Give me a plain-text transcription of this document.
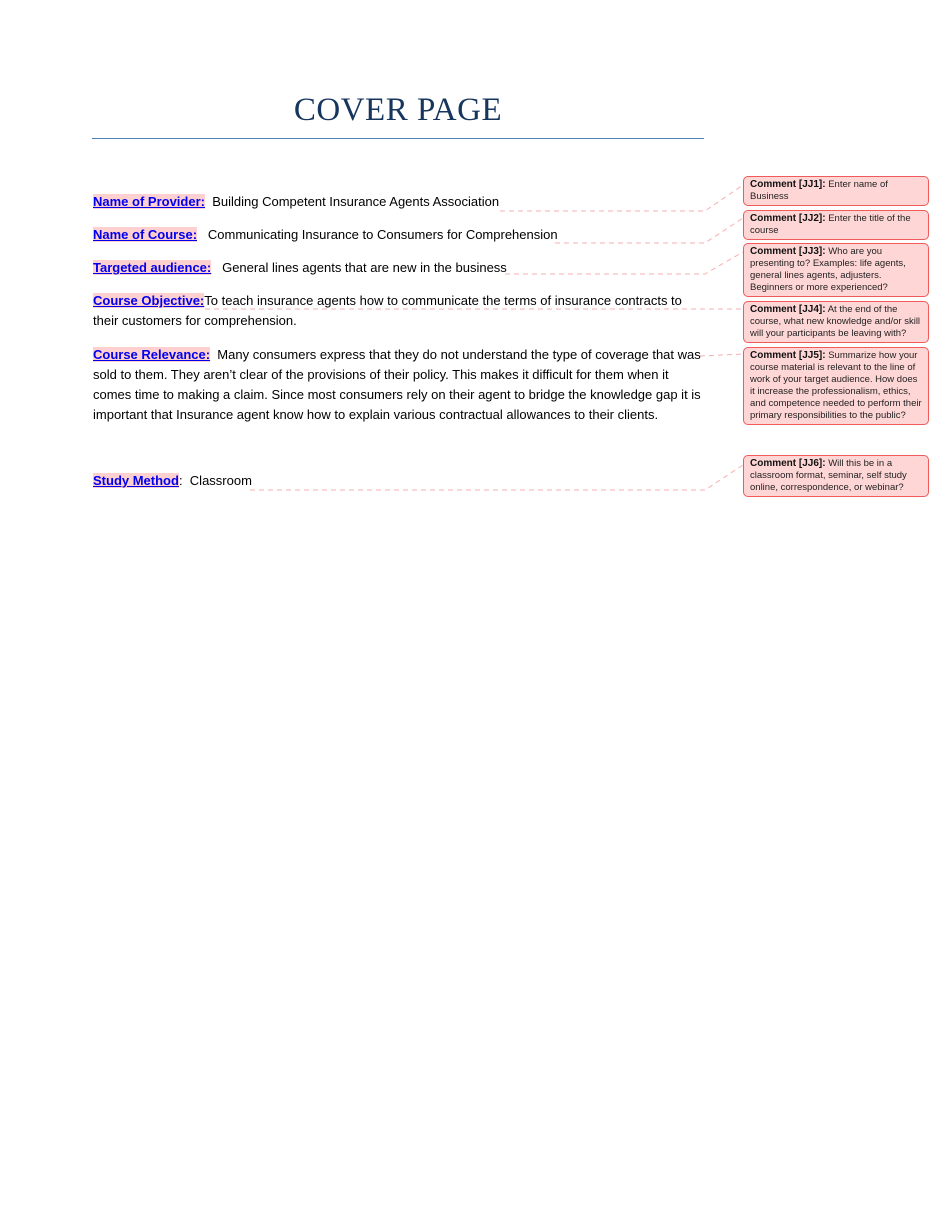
COVER PAGE
Name of Provider: Building Competent Insurance Agents Association
Name of Course: Communicating Insurance to Consumers for Comprehension
Targeted audience: General lines agents that are new in the business
Course Objective:To teach insurance agents how to communicate the terms of insurance contracts to their customers for comprehension.
Course Relevance: Many consumers express that they do not understand the type of coverage that was sold to them. They aren’t clear of the provisions of their policy. This makes it difficult for them when it comes time to making a claim. Since most consumers rely on their agent to bridge the knowledge gap it is important that Insurance agent know how to explain various contractual allowances to their clients.
Study Method: Classroom
Comment [JJ1]: Enter name of Business
Comment [JJ2]: Enter the title of the course
Comment [JJ3]: Who are you presenting to? Examples: life agents, general lines agents, adjusters. Beginners or more experienced?
Comment [JJ4]: At the end of the course, what new knowledge and/or skill will your participants be leaving with?
Comment [JJ5]: Summarize how your course material is relevant to the line of work of your target audience. How does it increase the professionalism, ethics, and competence needed to perform their primary responsibilities to the public?
Comment [JJ6]: Will this be in a classroom format, seminar, self study online, correspondence, or webinar?
